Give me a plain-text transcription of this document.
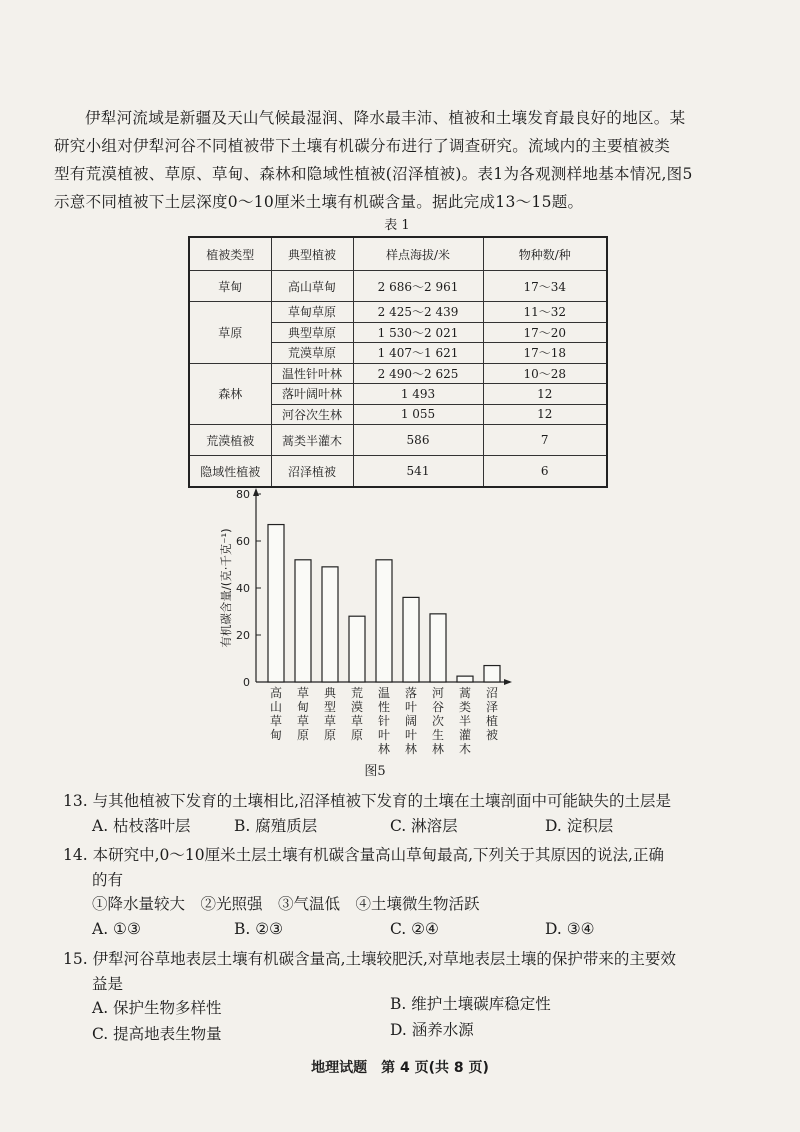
伊犁河流域是新疆及天山气候最湿润、降水最丰沛、植被和土壤发育最良好的地区。某

研究小组对伊犁河谷不同植被带下土壤有机碳分布进行了调查研究。流域内的主要植被类

型有荒漠植被、草原、草甸、森林和隐域性植被(沼泽植被)。表1为各观测样地基本情况,图5

示意不同植被下土层深度0～10厘米土壤有机碳含量。据此完成13～15题。

表 1
植被类型	典型植被	样点海拔/米	物种数/种
草甸	高山草甸	2 686～2 961	17～34
草原	草甸草原	2 425～2 439	11～32
	典型草原	1 530～2 021	17～20
	荒漠草原	1 407～1 621	17～18
森林	温性针叶林	2 490～2 625	10～28
	落叶阔叶林	1 493	12
	河谷次生林	1 055	12
荒漠植被	蒿类半灌木	586	7
隐域性植被	沼泽植被	541	6
0
20
40
60
80
高山草甸
草甸草原
典型草原
荒漠草原
温性针叶林
落叶阔叶林
河谷次生林
蒿类半灌木
沼泽植被
有机碳含量/(克·千克⁻¹)
图5
13. 与其他植被下发育的土壤相比,沼泽植被下发育的土壤在土壤剖面中可能缺失的土层是
A. 枯枝落叶层	B. 腐殖质层	C. 淋溶层	D. 淀积层
14. 本研究中,0～10厘米土层土壤有机碳含量高山草甸最高,下列关于其原因的说法,正确
的有
①降水量较大　②光照强　③气温低　④土壤微生物活跃
A. ①③	B. ②③	C. ②④	D. ③④
15. 伊犁河谷草地表层土壤有机碳含量高,土壤较肥沃,对草地表层土壤的保护带来的主要效
益是
A. 保护生物多样性	B. 维护土壤碳库稳定性
C. 提高地表生物量	D. 涵养水源
地理试题　第 4 页(共 8 页)
